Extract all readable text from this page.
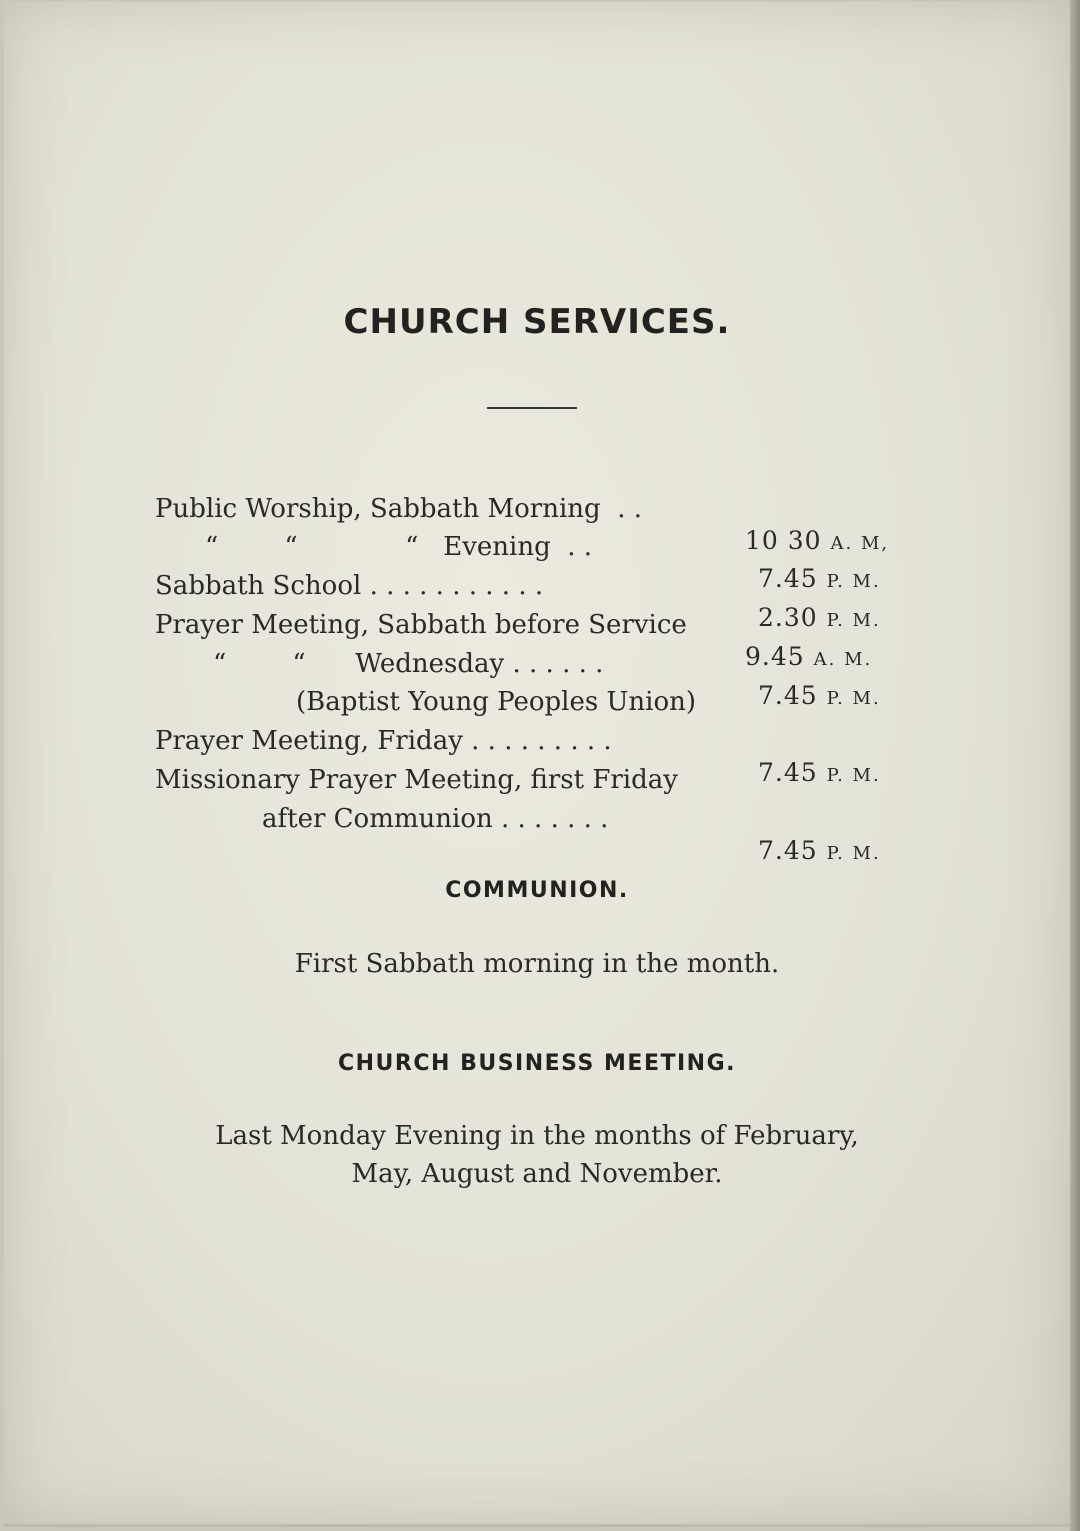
CHURCH SERVICES.

Public Worship, Sabbath Morning  . .

10 30 A. M,

“        “             “   Evening  . .

7.45 P. M.

Sabbath School . . . . . . . . . . .

2.30 P. M.

Prayer Meeting, Sabbath before Service

9.45 A. M.

“        “      Wednesday . . . . . .

7.45 P. M.

(Baptist Young Peoples Union)

Prayer Meeting, Friday . . . . . . . . .

7.45 P. M.

Missionary Prayer Meeting, first Friday

after Communion . . . . . . .

7.45 P. M.

COMMUNION.

First Sabbath morning in the month.

CHURCH BUSINESS MEETING.

Last Monday Evening in the months of February,

May, August and November.
